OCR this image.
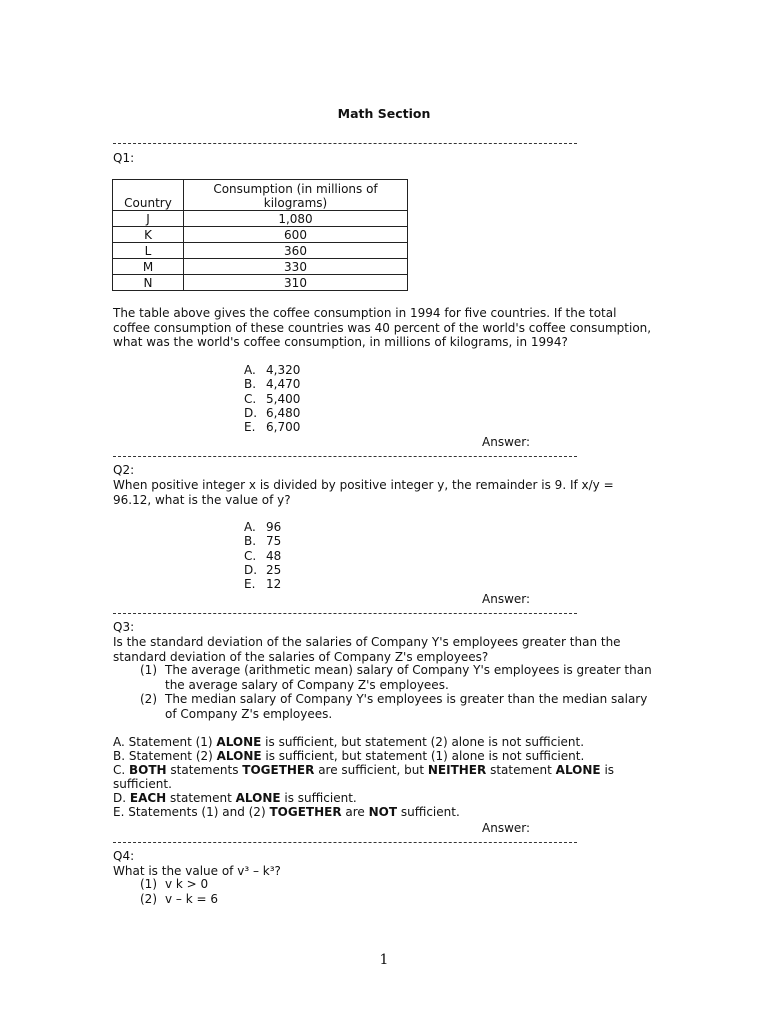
Math Section
Q1:
Country	Consumption (in millions of kilograms)
J	1,080
K	600
L	360
M	330
N	310
The table above gives the coffee consumption in 1994 for five countries. If the total coffee consumption of these countries was 40 percent of the world's coffee consumption, what was the world's coffee consumption, in millions of kilograms, in 1994?
A. 4,320
B. 4,470
C. 5,400
D. 6,480
E. 6,700
Answer:
Q2:
When positive integer x is divided by positive integer y, the remainder is 9. If x/y = 96.12, what is the value of y?
A. 96
B. 75
C. 48
D. 25
E. 12
Answer:
Q3:
Is the standard deviation of the salaries of Company Y's employees greater than the standard deviation of the salaries of Company Z's employees?
(1) The average (arithmetic mean) salary of Company Y's employees is greater than the average salary of Company Z's employees.
(2) The median salary of Company Y's employees is greater than the median salary of Company Z's employees.
A. Statement (1) ALONE is sufficient, but statement (2) alone is not sufficient.
B. Statement (2) ALONE is sufficient, but statement (1) alone is not sufficient.
C. BOTH statements TOGETHER are sufficient, but NEITHER statement ALONE is sufficient.
D. EACH statement ALONE is sufficient.
E. Statements (1) and (2) TOGETHER are NOT sufficient.
Answer:
Q4:
What is the value of v³ – k³?
(1) v k > 0
(2) v – k = 6
1
